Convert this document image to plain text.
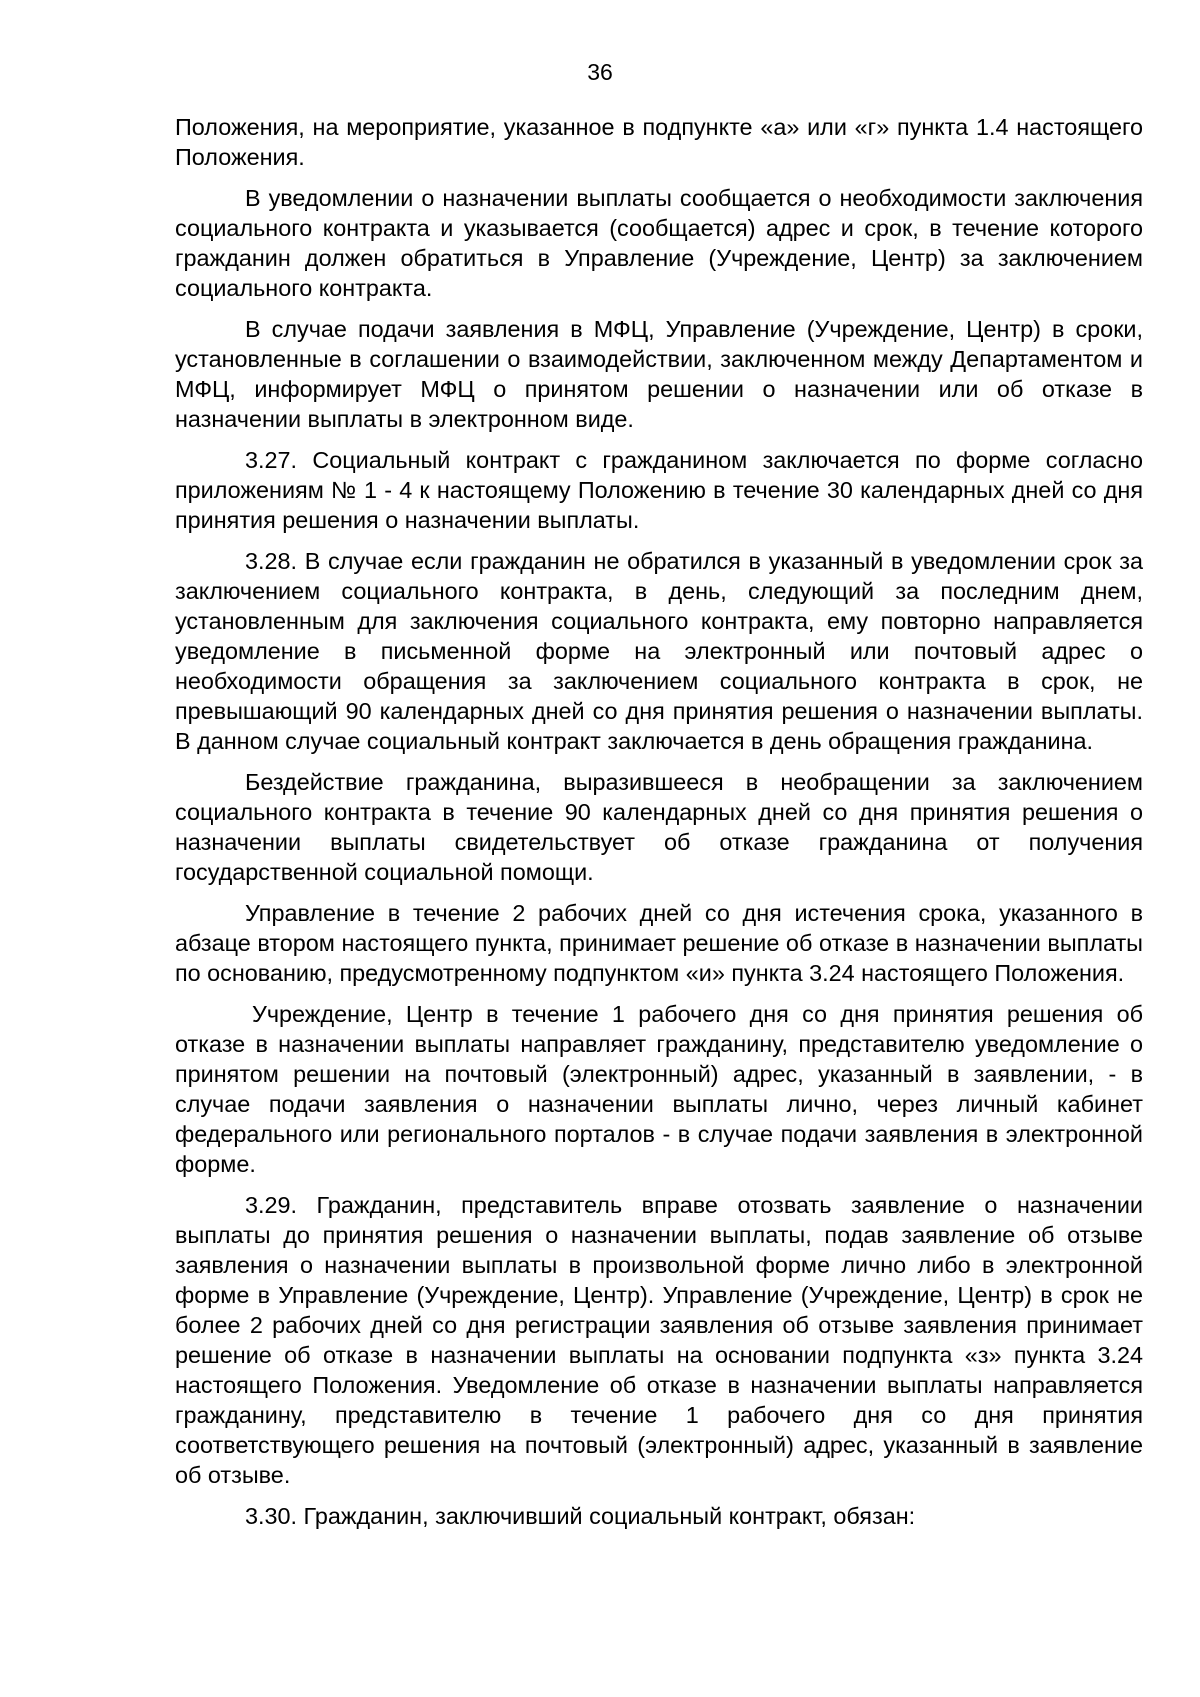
36

Положения, на мероприятие, указанное в подпункте «а» или «г» пункта 1.4 настоящего Положения.

В уведомлении о назначении выплаты сообщается о необходимости заключения социального контракта и указывается (сообщается) адрес и срок, в течение которого гражданин должен обратиться в Управление (Учреждение, Центр) за заключением социального контракта.

В случае подачи заявления в МФЦ, Управление (Учреждение, Центр) в сроки, установленные в соглашении о взаимодействии, заключенном между Департаментом и МФЦ, информирует МФЦ о принятом решении о назначении или об отказе в назначении выплаты в электронном виде.

3.27. Социальный контракт с гражданином заключается по форме согласно приложениям № 1 - 4 к настоящему Положению в течение 30 календарных дней со дня принятия решения о назначении выплаты.

3.28. В случае если гражданин не обратился в указанный в уведомлении срок за заключением социального контракта, в день, следующий за последним днем, установленным для заключения социального контракта, ему повторно направляется уведомление в письменной форме на электронный или почтовый адрес о необходимости обращения за заключением социального контракта в срок, не превышающий 90 календарных дней со дня принятия решения о назначении выплаты. В данном случае социальный контракт заключается в день обращения гражданина.

Бездействие гражданина, выразившееся в необращении за заключением социального контракта в течение 90 календарных дней со дня принятия решения о назначении выплаты свидетельствует об отказе гражданина от получения государственной социальной помощи.

Управление в течение 2 рабочих дней со дня истечения срока, указанного в абзаце втором настоящего пункта, принимает решение об отказе в назначении выплаты по основанию, предусмотренному подпунктом «и» пункта 3.24 настоящего Положения.

Учреждение, Центр в течение 1 рабочего дня со дня принятия решения об отказе в назначении выплаты направляет гражданину, представителю уведомление о принятом решении на почтовый (электронный) адрес, указанный в заявлении, - в случае подачи заявления о назначении выплаты лично, через личный кабинет федерального или регионального порталов - в случае подачи заявления в электронной форме.

3.29. Гражданин, представитель вправе отозвать заявление о назначении выплаты до принятия решения о назначении выплаты, подав заявление об отзыве заявления о назначении выплаты в произвольной форме лично либо в электронной форме в Управление (Учреждение, Центр). Управление (Учреждение, Центр) в срок не более 2 рабочих дней со дня регистрации заявления об отзыве заявления принимает решение об отказе в назначении выплаты на основании подпункта «з» пункта 3.24 настоящего Положения. Уведомление об отказе в назначении выплаты направляется гражданину, представителю в течение 1 рабочего дня со дня принятия соответствующего решения на почтовый (электронный) адрес, указанный в заявление об отзыве.

3.30. Гражданин, заключивший социальный контракт, обязан:
